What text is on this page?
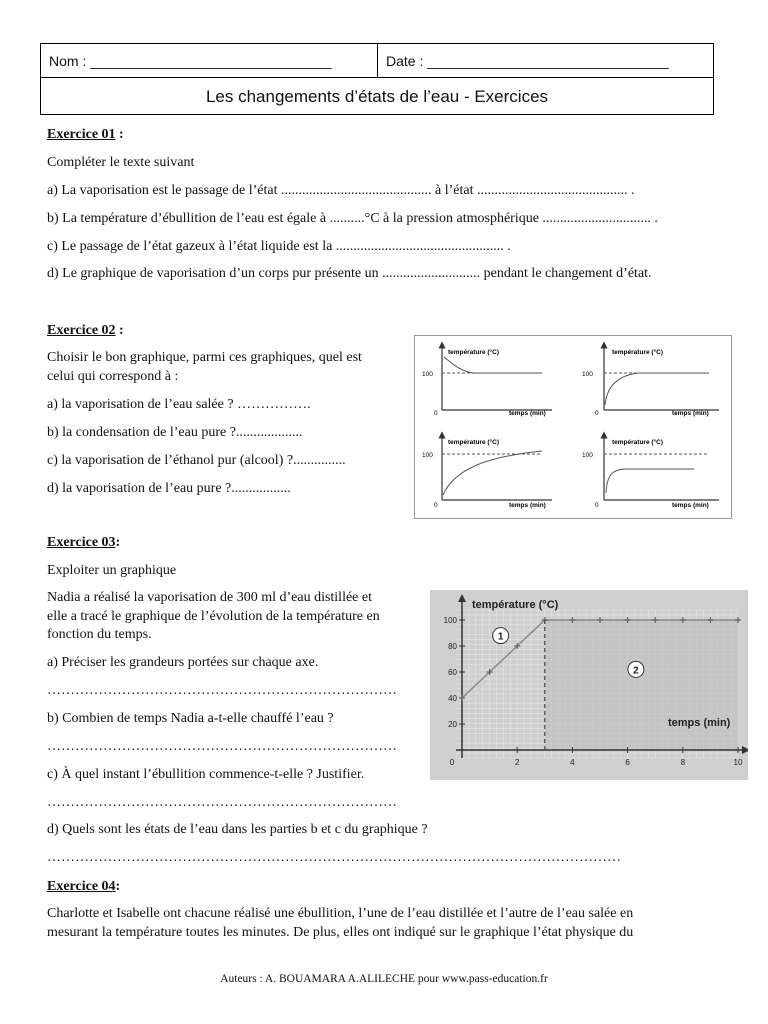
Nom : _______________________________	Date : _______________________________
Les changements d’états de l’eau - Exercices
Exercice 01 :
Compléter le texte suivant
a) La vaporisation est le passage de l’état ........................................... à l’état ........................................... .
b) La température d’ébullition de l’eau est égale à ..........°C à la pression atmosphérique ............................... .
c) Le passage de l’état gazeux à l’état liquide est la ................................................ .
d) Le graphique de vaporisation d’un corps pur présente un ............................ pendant le changement d’état.
Exercice 02 :
Choisir le bon graphique, parmi ces graphiques, quel est
celui qui correspond à :
a) la vaporisation de l’eau salée ? …………….
b) la condensation de l’eau pure ?...................
c) la vaporisation de l’éthanol pur (alcool) ?...............
d) la vaporisation de l’eau pure ?.................
température (°C)
100
0	temps (min)
température (°C)
100
0	temps (min)
température (°C)
100
0	temps (min)
température (°C)
100
0	temps (min)
Exercice 03:
Exploiter un graphique
Nadia a réalisé la vaporisation de 300 ml d’eau distillée et
elle a tracé le graphique de l’évolution de la température en
fonction du temps.
a) Préciser les grandeurs portées sur chaque axe.
…………………………………………………………………
b) Combien de temps Nadia a-t-elle chauffé l’eau ?
…………………………………………………………………
c) À quel instant l’ébullition commence-t-elle ? Justifier.
…………………………………………………………………
d) Quels sont les états de l’eau dans les parties b et c du graphique ?
……………………………………………………………………………………………………………
20
40
60
80
100
0	2	4	6	8	10
température (°C)
temps (min)
1
2
Exercice 04:
Charlotte et Isabelle ont chacune réalisé une ébullition, l’une de l’eau distillée et l’autre de l’eau salée en
mesurant la température toutes les minutes. De plus, elles ont indiqué sur le graphique l’état physique du
Auteurs : A. BOUAMARA A.ALILECHE pour www.pass-education.fr
